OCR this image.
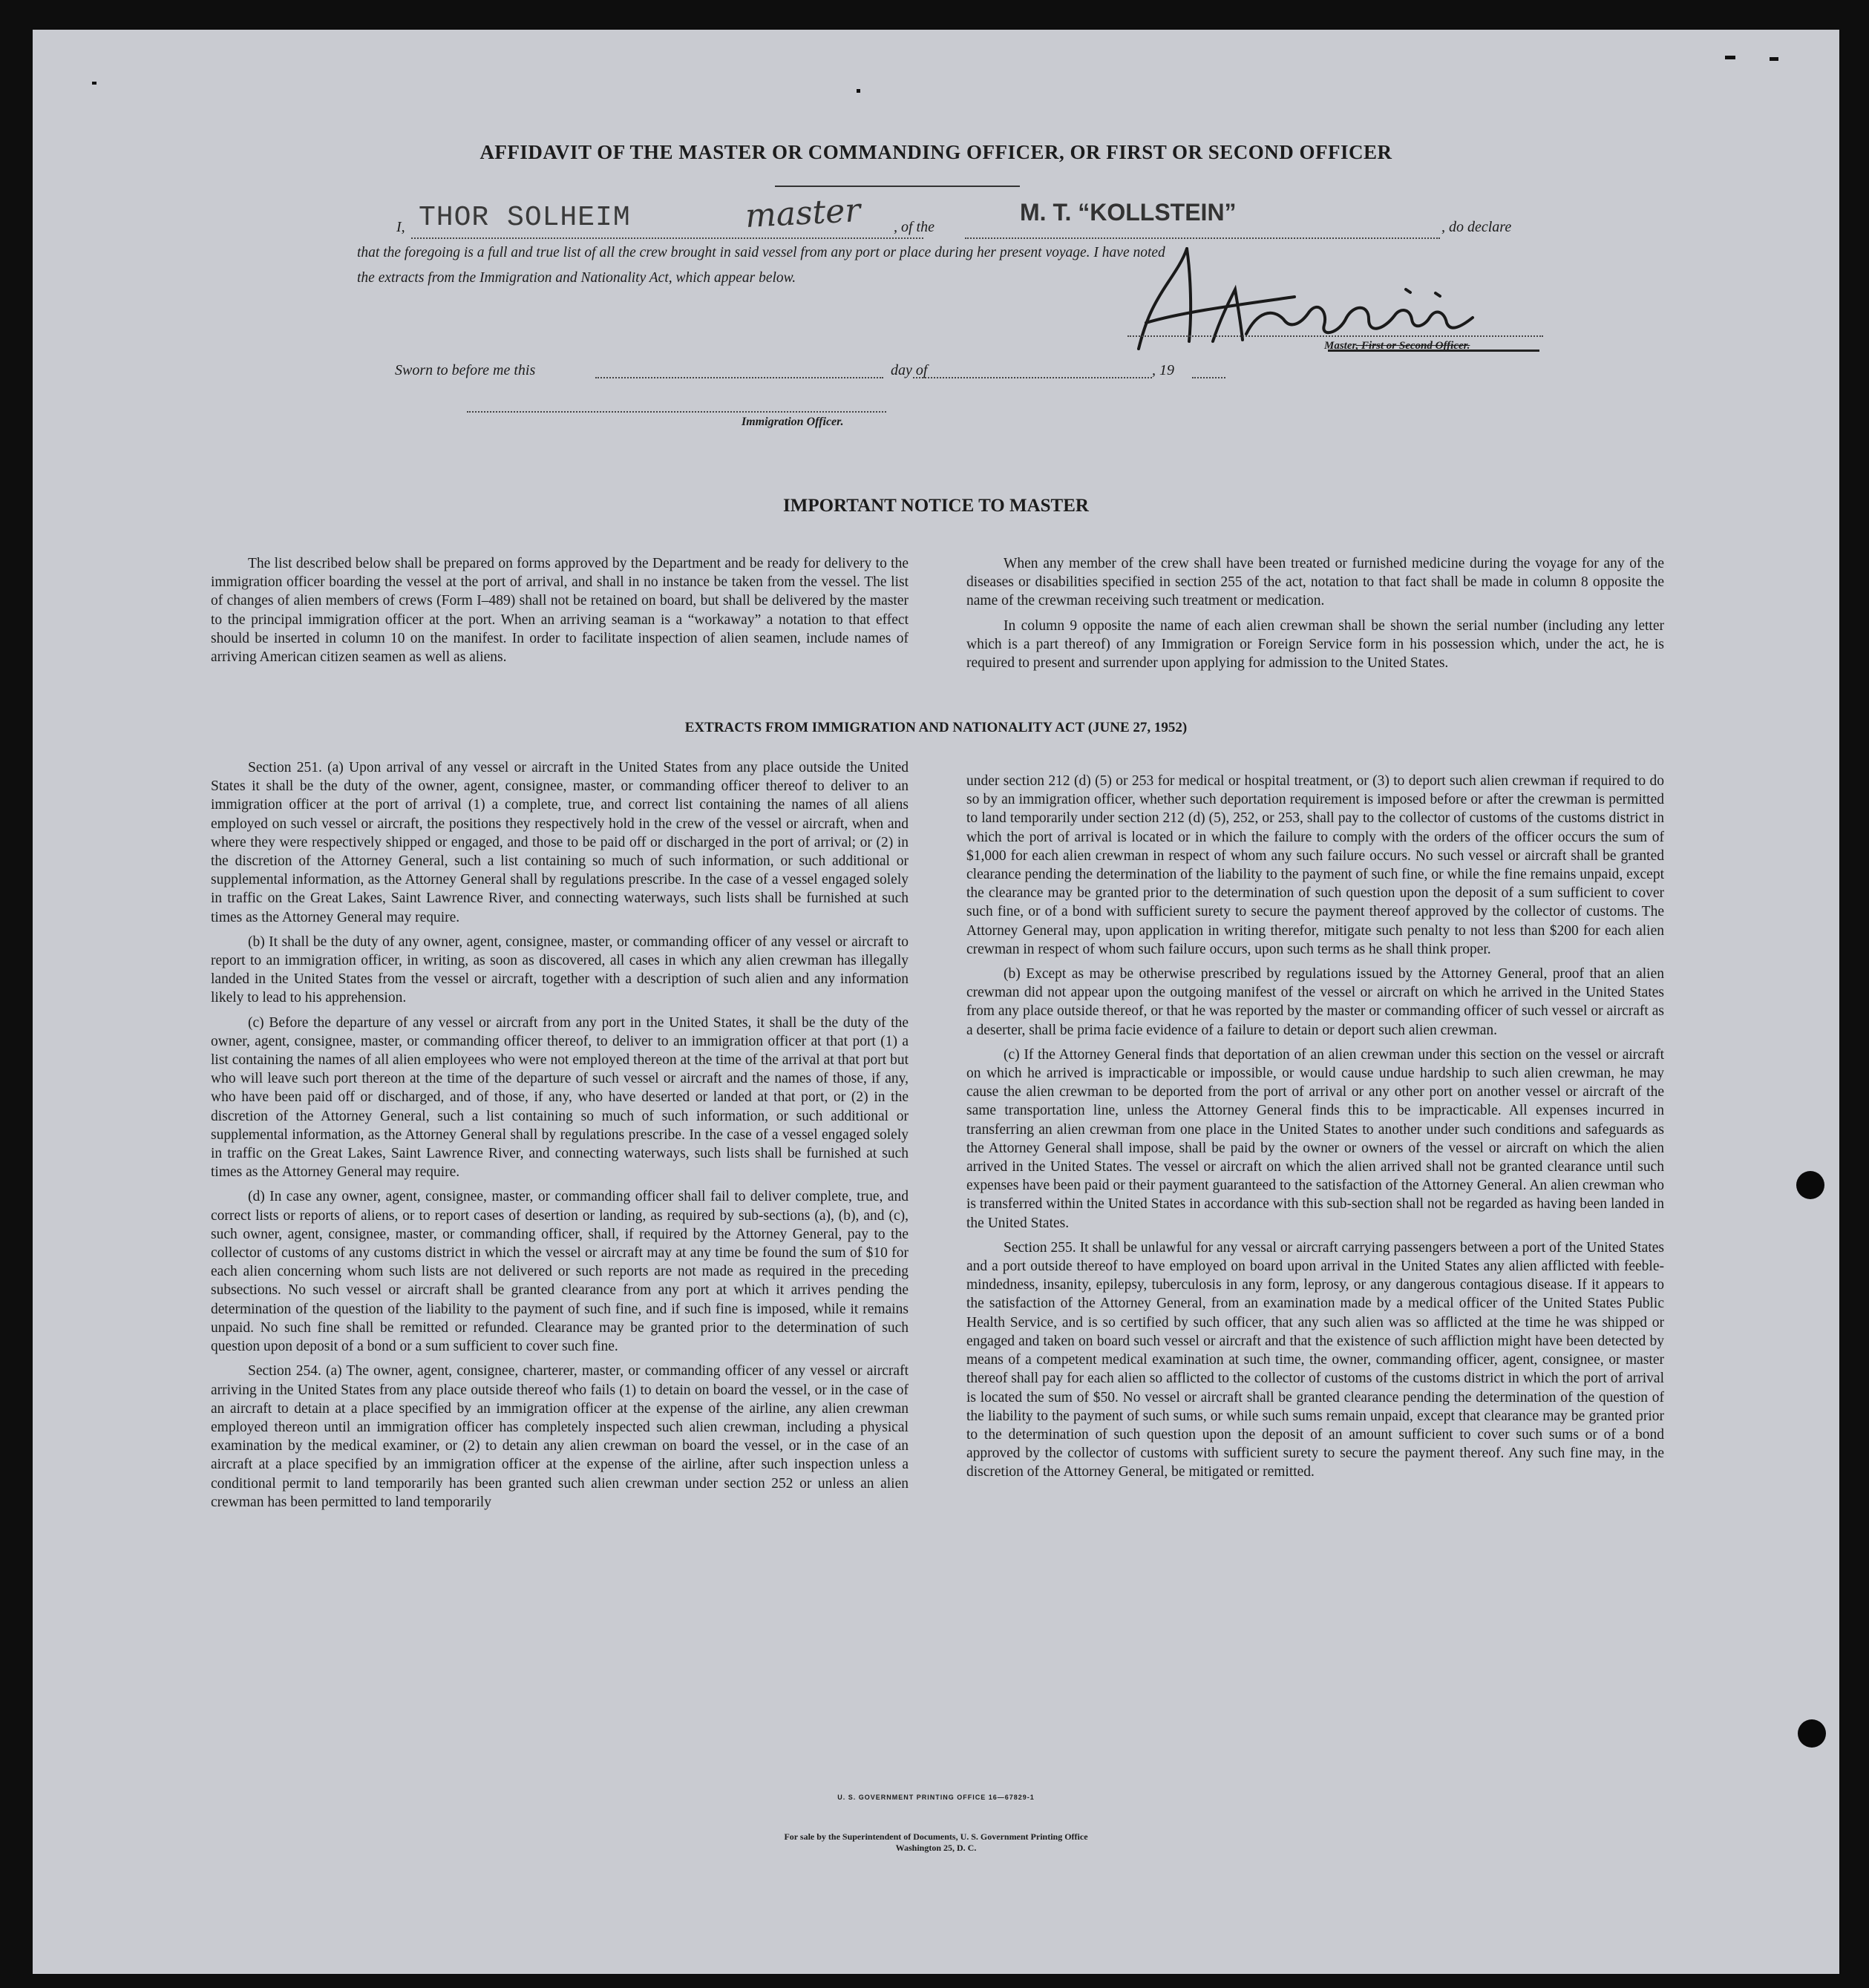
AFFIDAVIT OF THE MASTER OR COMMANDING OFFICER, OR FIRST OR SECOND OFFICER
I, THOR SOLHEIM	master , of the
M. T. “KOLLSTEIN”
, do declare
that the foregoing is a full and true list of all the crew brought in said vessel from any port or place during her present voyage. I have noted
the extracts from the Immigration and Nationality Act, which appear below.
Master, First or Second Officer.
Sworn to before me this	day of	, 19
Immigration Officer.
IMPORTANT NOTICE TO MASTER

The list described below shall be prepared on forms approved by the Department and be ready for delivery to the immigration officer boarding the vessel at the port of arrival, and shall in no instance be taken from the vessel. The list of changes of alien members of crews (Form I–489) shall not be retained on board, but shall be delivered by the master to the principal immigration officer at the port. When an arriving seaman is a “workaway” a notation to that effect should be inserted in column 10 on the manifest. In order to facilitate inspection of alien seamen, include names of arriving American citizen seamen as well as aliens.

When any member of the crew shall have been treated or furnished medicine during the voyage for any of the diseases or disabilities specified in section 255 of the act, notation to that fact shall be made in column 8 opposite the name of the crewman receiving such treatment or medication.

In column 9 opposite the name of each alien crewman shall be shown the serial number (including any letter which is a part thereof) of any Immigration or Foreign Service form in his possession which, under the act, he is required to present and surrender upon applying for admission to the United States.

EXTRACTS FROM IMMIGRATION AND NATIONALITY ACT (JUNE 27, 1952)

Section 251. (a) Upon arrival of any vessel or aircraft in the United States from any place outside the United States it shall be the duty of the owner, agent, consignee, master, or commanding officer thereof to deliver to an immigration officer at the port of arrival (1) a complete, true, and correct list containing the names of all aliens employed on such vessel or aircraft, the positions they respectively hold in the crew of the vessel or aircraft, when and where they were respectively shipped or engaged, and those to be paid off or discharged in the port of arrival; or (2) in the discretion of the Attorney General, such a list containing so much of such information, or such additional or supplemental information, as the Attorney General shall by regulations prescribe. In the case of a vessel engaged solely in traffic on the Great Lakes, Saint Lawrence River, and connecting waterways, such lists shall be furnished at such times as the Attorney General may require.

(b) It shall be the duty of any owner, agent, consignee, master, or commanding officer of any vessel or aircraft to report to an immigration officer, in writing, as soon as discovered, all cases in which any alien crewman has illegally landed in the United States from the vessel or aircraft, together with a description of such alien and any information likely to lead to his apprehension.

(c) Before the departure of any vessel or aircraft from any port in the United States, it shall be the duty of the owner, agent, consignee, master, or commanding officer thereof, to deliver to an immigration officer at that port (1) a list containing the names of all alien employees who were not employed thereon at the time of the arrival at that port but who will leave such port thereon at the time of the departure of such vessel or aircraft and the names of those, if any, who have been paid off or discharged, and of those, if any, who have deserted or landed at that port, or (2) in the discretion of the Attorney General, such a list containing so much of such information, or such additional or supplemental information, as the Attorney General shall by regulations prescribe. In the case of a vessel engaged solely in traffic on the Great Lakes, Saint Lawrence River, and connecting waterways, such lists shall be furnished at such times as the Attorney General may require.

(d) In case any owner, agent, consignee, master, or commanding officer shall fail to deliver complete, true, and correct lists or reports of aliens, or to report cases of desertion or landing, as required by sub-sections (a), (b), and (c), such owner, agent, consignee, master, or commanding officer, shall, if required by the Attorney General, pay to the collector of customs of any customs district in which the vessel or aircraft may at any time be found the sum of $10 for each alien concerning whom such lists are not delivered or such reports are not made as required in the preceding subsections. No such vessel or aircraft shall be granted clearance from any port at which it arrives pending the determination of the question of the liability to the payment of such fine, and if such fine is imposed, while it remains unpaid. No such fine shall be remitted or refunded. Clearance may be granted prior to the determination of such question upon deposit of a bond or a sum sufficient to cover such fine.

Section 254. (a) The owner, agent, consignee, charterer, master, or commanding officer of any vessel or aircraft arriving in the United States from any place outside thereof who fails (1) to detain on board the vessel, or in the case of an aircraft to detain at a place specified by an immigration officer at the expense of the airline, any alien crewman employed thereon until an immigration officer has completely inspected such alien crewman, including a physical examination by the medical examiner, or (2) to detain any alien crewman on board the vessel, or in the case of an aircraft at a place specified by an immigration officer at the expense of the airline, after such inspection unless a conditional permit to land temporarily has been granted such alien crewman under section 252 or unless an alien crewman has been permitted to land temporarily

under section 212 (d) (5) or 253 for medical or hospital treatment, or (3) to deport such alien crewman if required to do so by an immigration officer, whether such deportation requirement is imposed before or after the crewman is permitted to land temporarily under section 212 (d) (5), 252, or 253, shall pay to the collector of customs of the customs district in which the port of arrival is located or in which the failure to comply with the orders of the officer occurs the sum of $1,000 for each alien crewman in respect of whom any such failure occurs. No such vessel or aircraft shall be granted clearance pending the determination of the liability to the payment of such fine, or while the fine remains unpaid, except the clearance may be granted prior to the determination of such question upon the deposit of a sum sufficient to cover such fine, or of a bond with sufficient surety to secure the payment thereof approved by the collector of customs. The Attorney General may, upon application in writing therefor, mitigate such penalty to not less than $200 for each alien crewman in respect of whom such failure occurs, upon such terms as he shall think proper.

(b) Except as may be otherwise prescribed by regulations issued by the Attorney General, proof that an alien crewman did not appear upon the outgoing manifest of the vessel or aircraft on which he arrived in the United States from any place outside thereof, or that he was reported by the master or commanding officer of such vessel or aircraft as a deserter, shall be prima facie evidence of a failure to detain or deport such alien crewman.

(c) If the Attorney General finds that deportation of an alien crewman under this section on the vessel or aircraft on which he arrived is impracticable or impossible, or would cause undue hardship to such alien crewman, he may cause the alien crewman to be deported from the port of arrival or any other port on another vessel or aircraft of the same transportation line, unless the Attorney General finds this to be impracticable. All expenses incurred in transferring an alien crewman from one place in the United States to another under such conditions and safeguards as the Attorney General shall impose, shall be paid by the owner or owners of the vessel or aircraft on which the alien arrived in the United States. The vessel or aircraft on which the alien arrived shall not be granted clearance until such expenses have been paid or their payment guaranteed to the satisfaction of the Attorney General. An alien crewman who is transferred within the United States in accordance with this sub-section shall not be regarded as having been landed in the United States.

Section 255. It shall be unlawful for any vessal or aircraft carrying passengers between a port of the United States and a port outside thereof to have employed on board upon arrival in the United States any alien afflicted with feeble-mindedness, insanity, epilepsy, tuberculosis in any form, leprosy, or any dangerous contagious disease. If it appears to the satisfaction of the Attorney General, from an examination made by a medical officer of the United States Public Health Service, and is so certified by such officer, that any such alien was so afflicted at the time he was shipped or engaged and taken on board such vessel or aircraft and that the existence of such affliction might have been detected by means of a competent medical examination at such time, the owner, commanding officer, agent, consignee, or master thereof shall pay for each alien so afflicted to the collector of customs of the customs district in which the port of arrival is located the sum of $50. No vessel or aircraft shall be granted clearance pending the determination of the question of the liability to the payment of such sums, or while such sums remain unpaid, except that clearance may be granted prior to the determination of such question upon the deposit of an amount sufficient to cover such sums or of a bond approved by the collector of customs with sufficient surety to secure the payment thereof. Any such fine may, in the discretion of the Attorney General, be mitigated or remitted.

U. S. GOVERNMENT PRINTING OFFICE 16—67829-1
For sale by the Superintendent of Documents, U. S. Government Printing Office
Washington 25, D. C.
